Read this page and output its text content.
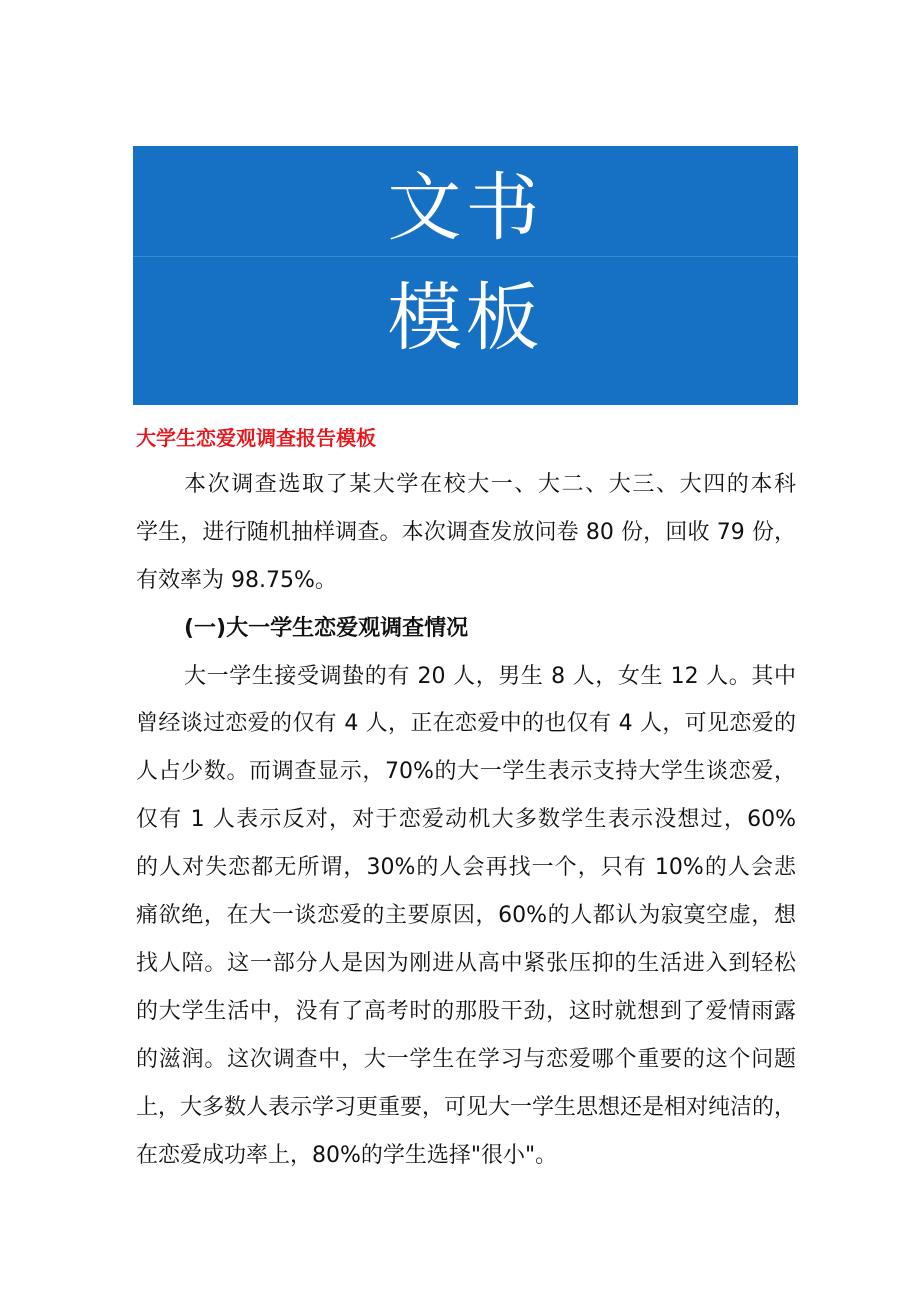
文书
模板
大学生恋爱观调查报告模板
本次调查选取了某大学在校大一、大二、大三、大四的本科
学生，进行随机抽样调查。本次调查发放问卷 80 份，回收 79 份，
有效率为 98.75%。
(一)大一学生恋爱观调查情况
大一学生接受调蛰的有 20 人，男生 8 人，女生 12 人。其中
曾经谈过恋爱的仅有 4 人，正在恋爱中的也仅有 4 人，可见恋爱的
人占少数。而调查显示，70%的大一学生表示支持大学生谈恋爱，
仅有 1 人表示反对，对于恋爱动机大多数学生表示没想过，60%
的人对失恋都无所谓，30%的人会再找一个，只有 10%的人会悲
痛欲绝，在大一谈恋爱的主要原因，60%的人都认为寂寞空虚，想
找人陪。这一部分人是因为刚进从高中紧张压抑的生活进入到轻松
的大学生活中，没有了高考时的那股干劲，这时就想到了爱情雨露
的滋润。这次调查中，大一学生在学习与恋爱哪个重要的这个问题
上，大多数人表示学习更重要，可见大一学生思想还是相对纯洁的，
在恋爱成功率上，80%的学生选择"很小"。
